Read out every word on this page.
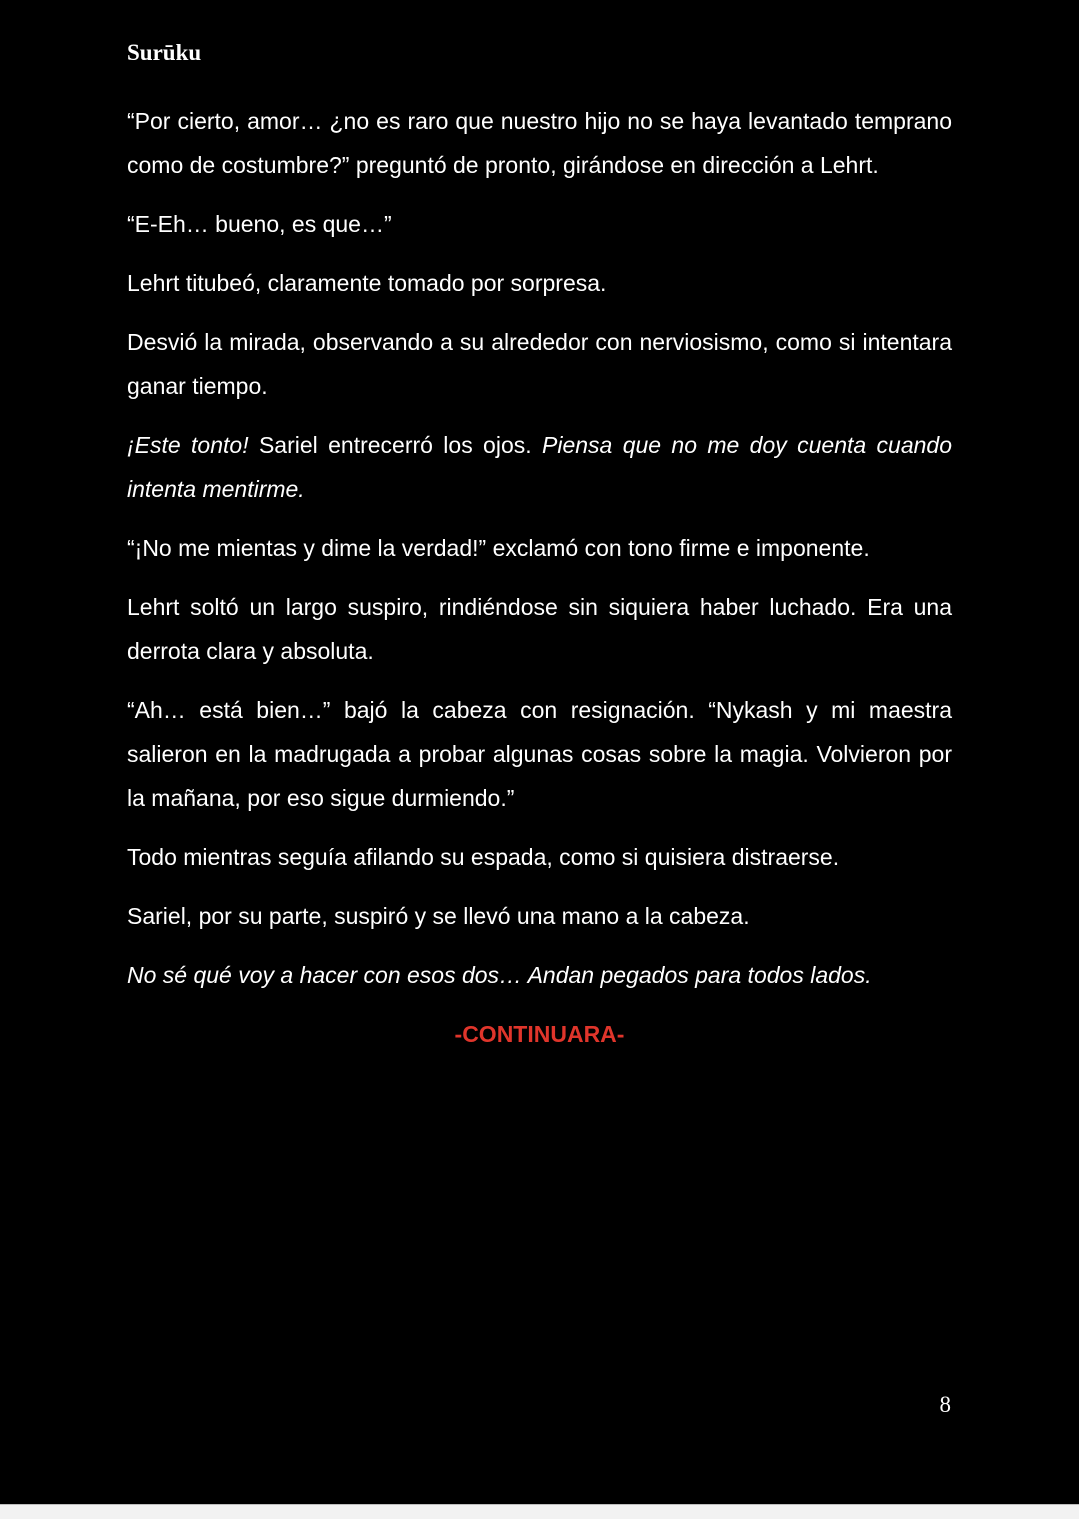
Surūku

“Por cierto, amor… ¿no es raro que nuestro hijo no se haya levantado temprano como de costumbre?” preguntó de pronto, girándose en dirección a Lehrt.

“E-Eh… bueno, es que…”

Lehrt titubeó, claramente tomado por sorpresa.

Desvió la mirada, observando a su alrededor con nerviosismo, como si intentara ganar tiempo.

¡Este tonto! Sariel entrecerró los ojos. Piensa que no me doy cuenta cuando intenta mentirme.

“¡No me mientas y dime la verdad!” exclamó con tono firme e imponente.

Lehrt soltó un largo suspiro, rindiéndose sin siquiera haber luchado. Era una derrota clara y absoluta.

“Ah… está bien…” bajó la cabeza con resignación. “Nykash y mi maestra salieron en la madrugada a probar algunas cosas sobre la magia. Volvieron por la mañana, por eso sigue durmiendo.”

Todo mientras seguía afilando su espada, como si quisiera distraerse.

Sariel, por su parte, suspiró y se llevó una mano a la cabeza.

No sé qué voy a hacer con esos dos… Andan pegados para todos lados.

-CONTINUARA-

8
